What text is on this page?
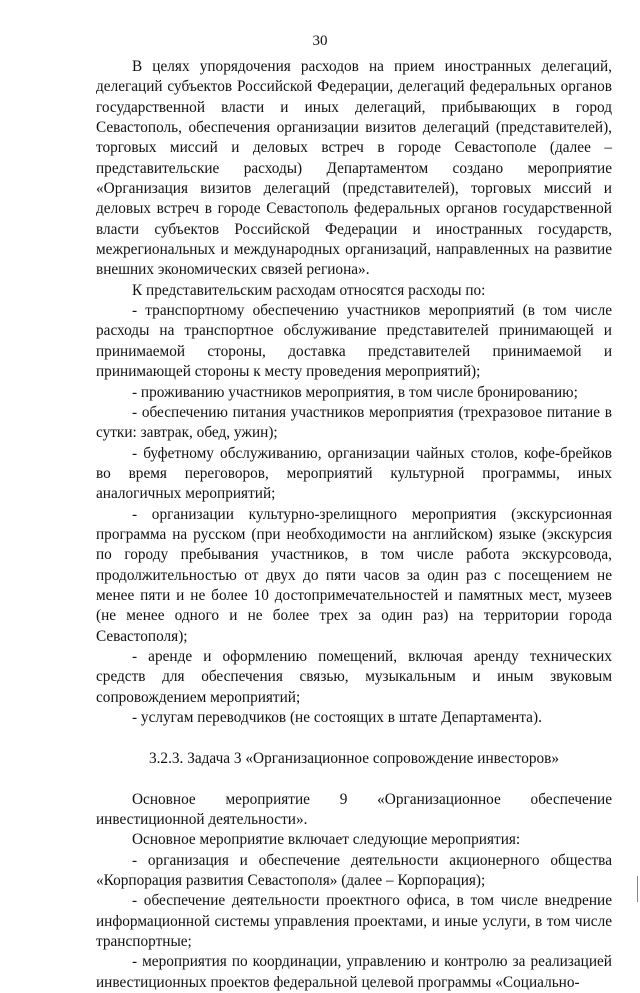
30

В целях упорядочения расходов на прием иностранных делегаций, делегаций субъектов Российской Федерации, делегаций федеральных органов государственной власти и иных делегаций, прибывающих в город Севастополь, обеспечения организации визитов делегаций (представителей), торговых миссий и деловых встреч в городе Севастополе (далее – представительские расходы) Департаментом создано мероприятие «Организация визитов делегаций (представителей), торговых миссий и деловых встреч в городе Севастополь федеральных органов государственной власти субъектов Российской Федерации и иностранных государств, межрегиональных и международных организаций, направленных на развитие внешних экономических связей региона».

К представительским расходам относятся расходы по:

- транспортному обеспечению участников мероприятий (в том числе расходы на транспортное обслуживание представителей принимающей и принимаемой стороны, доставка представителей принимаемой и принимающей стороны к месту проведения мероприятий);

- проживанию участников мероприятия, в том числе бронированию;

- обеспечению питания участников мероприятия (трехразовое питание в сутки: завтрак, обед, ужин);

- буфетному обслуживанию, организации чайных столов, кофе-брейков во время переговоров, мероприятий культурной программы, иных аналогичных мероприятий;

- организации культурно-зрелищного мероприятия (экскурсионная программа на русском (при необходимости на английском) языке (экскурсия по городу пребывания участников, в том числе работа экскурсовода, продолжительностью от двух до пяти часов за один раз с посещением не менее пяти и не более 10 достопримечательностей и памятных мест, музеев (не менее одного и не более трех за один раз) на территории города Севастополя);

- аренде и оформлению помещений, включая аренду технических средств для обеспечения связью, музыкальным и иным звуковым сопровождением мероприятий;

- услугам переводчиков (не состоящих в штате Департамента).

3.2.3. Задача 3 «Организационное сопровождение инвесторов»

Основное мероприятие 9 «Организационное обеспечение инвестиционной деятельности».

Основное мероприятие включает следующие мероприятия:

- организация и обеспечение деятельности акционерного общества «Корпорация развития Севастополя» (далее – Корпорация);

- обеспечение деятельности проектного офиса, в том числе внедрение информационной системы управления проектами, и иные услуги, в том числе транспортные;

- мероприятия по координации, управлению и контролю за реализацией инвестиционных проектов федеральной целевой программы «Социально-
